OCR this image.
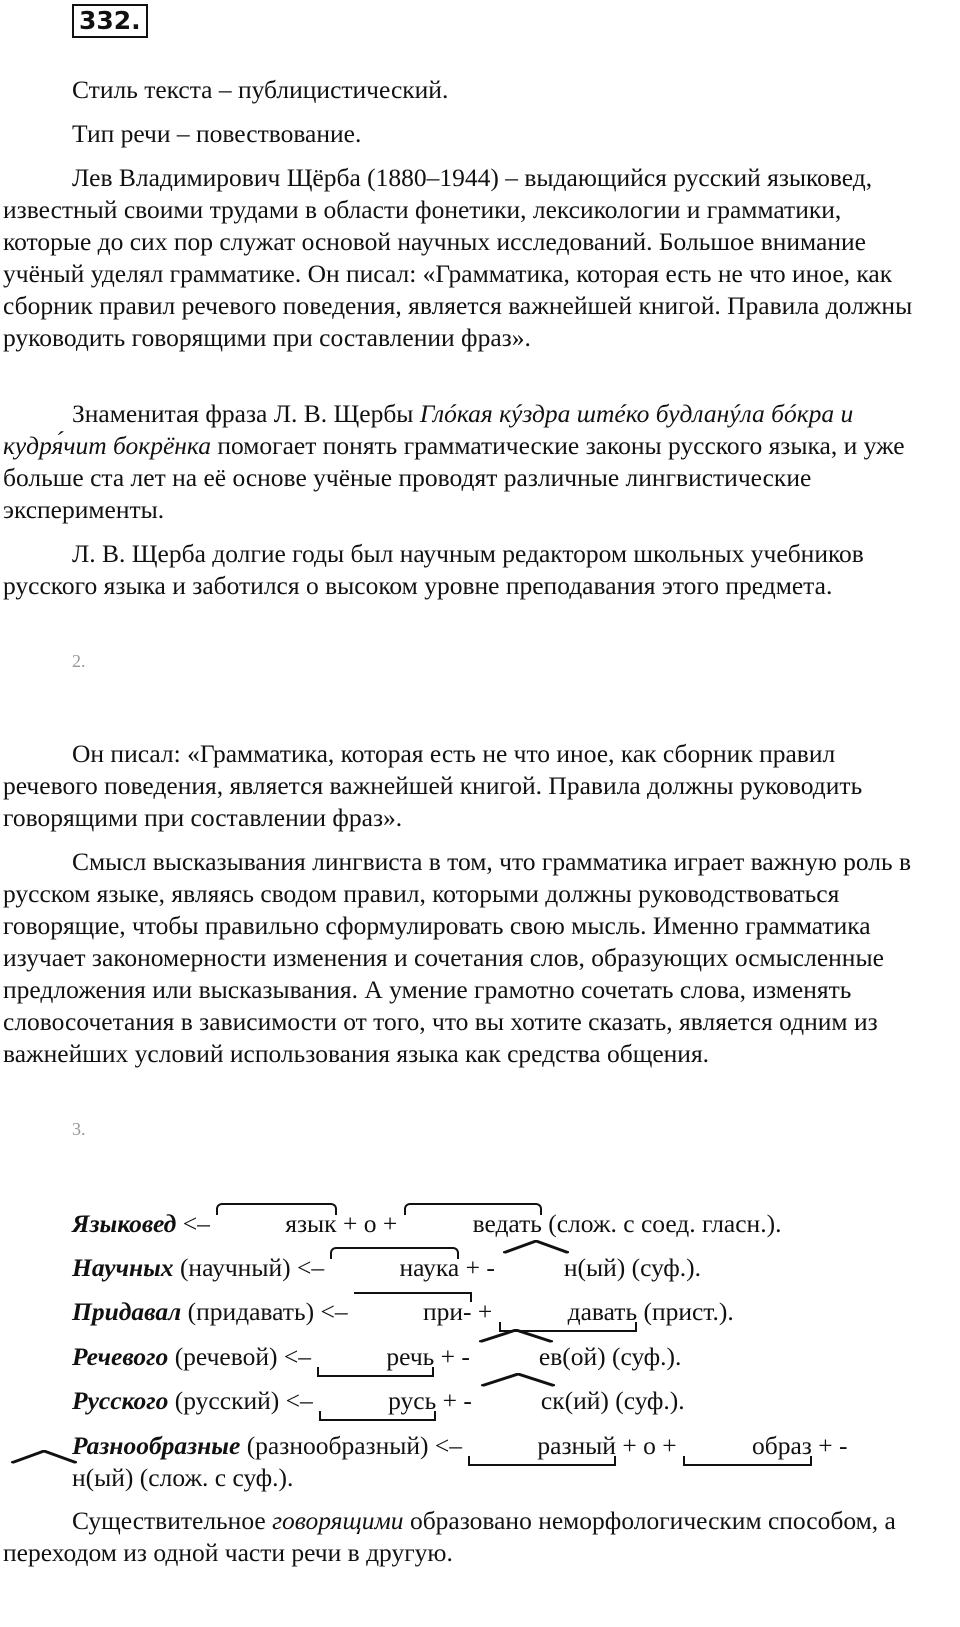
332.

Стиль текста – публицистический.

Тип речи – повествование.

Лев Владимирович Щёрба (1880–1944) – выдающийся русский языковед, известный своими трудами в области фонетики, лексикологии и грамматики, которые до сих пор служат основой научных исследований. Большое внимание учёный уделял грамматике. Он писал: «Грамматика, которая есть не что иное, как сборник правил речевого поведения, является важнейшей книгой. Правила должны руководить говорящими при составлении фраз».

Знаменитая фраза Л. В. Щербы Глóкая кýздра штéко будланýла бóкра и кудря́чит бокрёнка помогает понять грамматические законы русского языка, и уже больше ста лет на её основе учёные проводят различные лингвистические эксперименты.

Л. В. Щерба долгие годы был научным редактором школьных учебников русского языка и заботился о высоком уровне преподавания этого предмета.

2.

Он писал: «Грамматика, которая есть не что иное, как сборник правил речевого поведения, является важнейшей книгой. Правила должны руководить говорящими при составлении фраз».

Смысл высказывания лингвиста в том, что грамматика играет важную роль в русском языке, являясь сводом правил, которыми должны руководствоваться говорящие, чтобы правильно сформулировать свою мысль. Именно грамматика изучает закономерности изменения и сочетания слов, образующих осмысленные предложения или высказывания. А умение грамотно сочетать слова, изменять словосочетания в зависимости от того, что вы хотите сказать, является одним из важнейших условий использования языка как средства общения.

3.

Языковед <–	язык
+ о +	ведать
(слож. с соед. гласн.).

Научных (научный) <–	наука
+ -	н
(ый) (суф.).

Придавал (придавать) <–	при-
+	давать
(прист.).

Речевого (речевой) <–	речь
+ -	ев
(ой) (суф.).

Русского (русский) <–	русь
+ -	ск
(ий) (суф.).

Разнообразные (разнообразный) <–	разный
+ о +	образ
+ -н
(ый) (слож. с суф.).

Существительное говорящими образовано неморфологическим способом, а переходом из одной части речи в другую.
